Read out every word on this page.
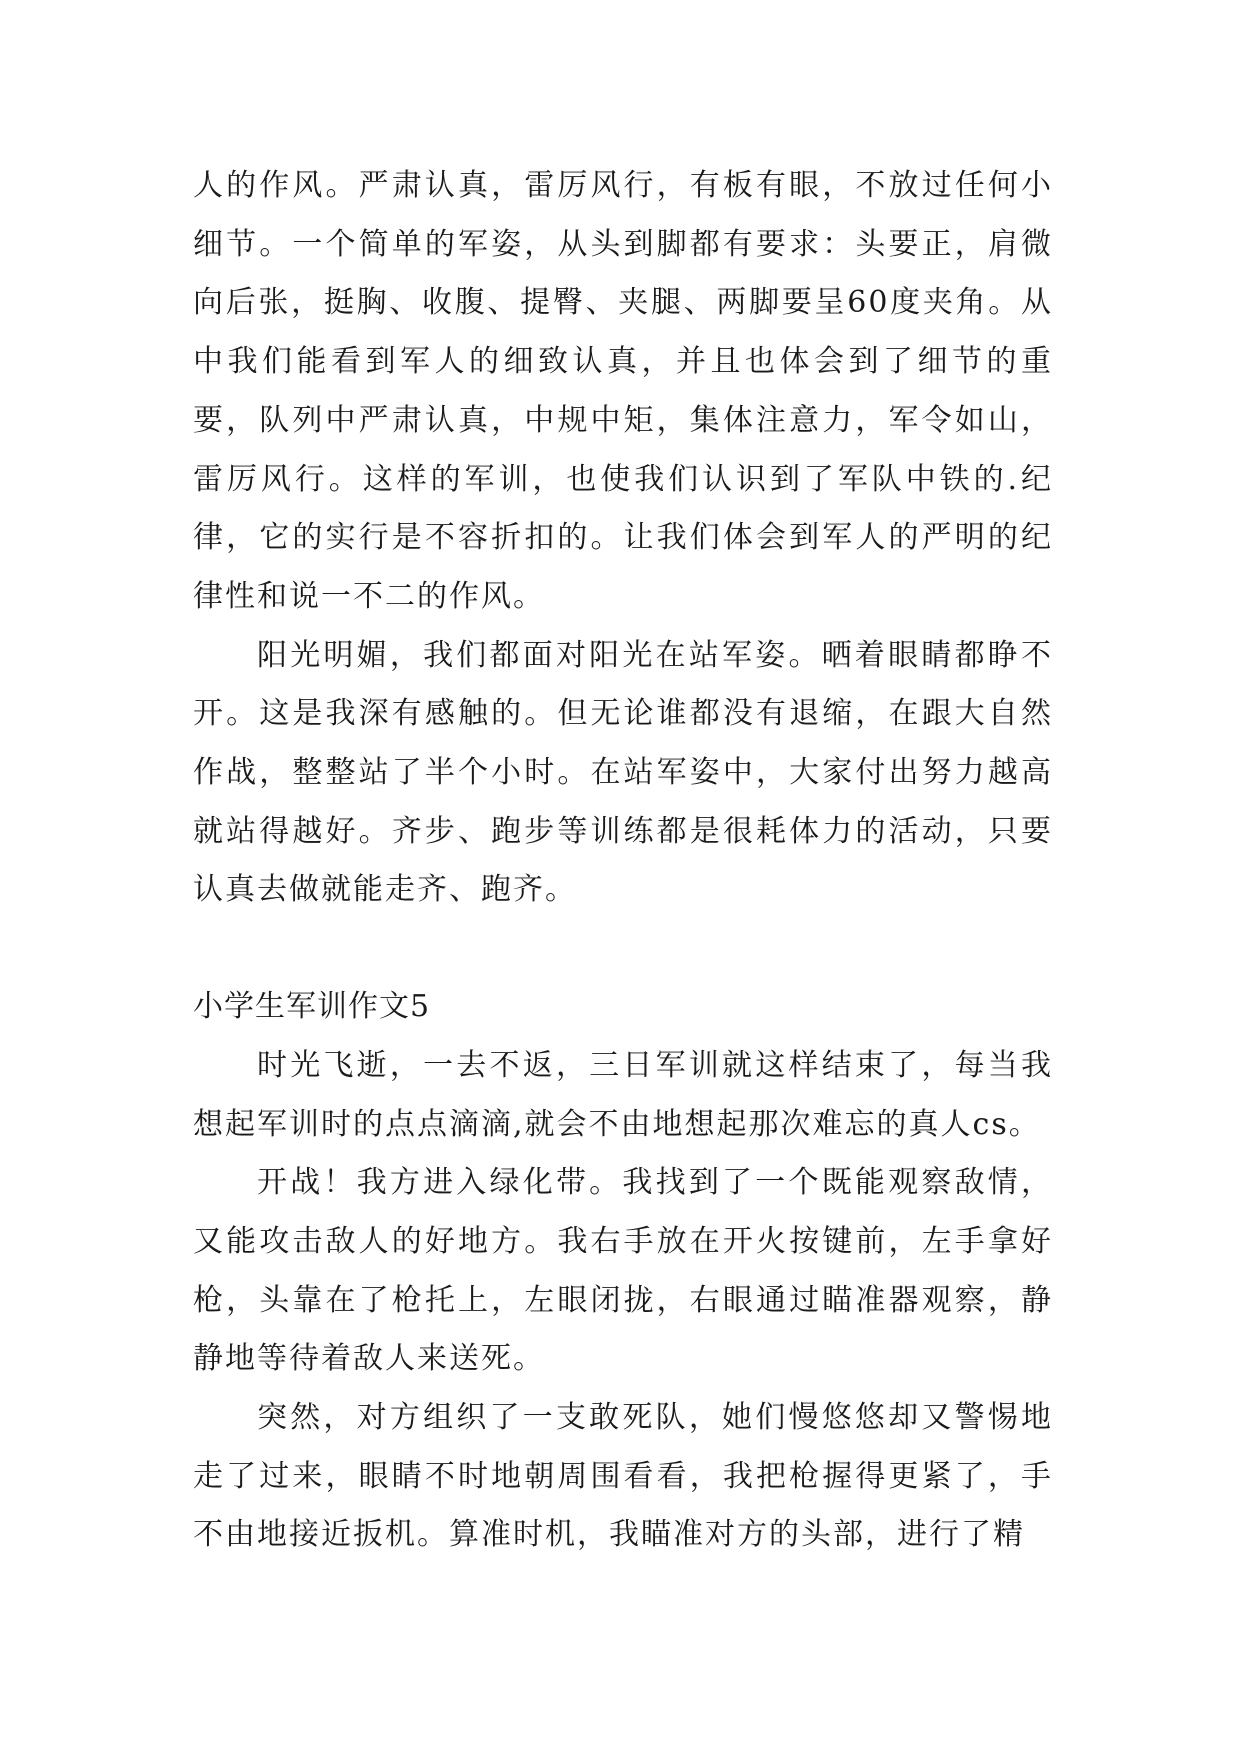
人的作风。严肃认真，雷厉风行，有板有眼，不放过任何小细节。一个简单的军姿，从头到脚都有要求：头要正，肩微向后张，挺胸、收腹、提臀、夹腿、两脚要呈60度夹角。从中我们能看到军人的细致认真，并且也体会到了细节的重要，队列中严肃认真，中规中矩，集体注意力，军令如山，雷厉风行。这样的军训，也使我们认识到了军队中铁的.纪律，它的实行是不容折扣的。让我们体会到军人的严明的纪律性和说一不二的作风。

阳光明媚，我们都面对阳光在站军姿。晒着眼睛都睁不开。这是我深有感触的。但无论谁都没有退缩，在跟大自然作战，整整站了半个小时。在站军姿中，大家付出努力越高就站得越好。齐步、跑步等训练都是很耗体力的活动，只要认真去做就能走齐、跑齐。

小学生军训作文5

时光飞逝，一去不返，三日军训就这样结束了，每当我想起军训时的点点滴滴,就会不由地想起那次难忘的真人cs。

开战！我方进入绿化带。我找到了一个既能观察敌情，又能攻击敌人的好地方。我右手放在开火按键前，左手拿好枪，头靠在了枪托上，左眼闭拢，右眼通过瞄准器观察，静静地等待着敌人来送死。

突然，对方组织了一支敢死队，她们慢悠悠却又警惕地走了过来，眼睛不时地朝周围看看，我把枪握得更紧了，手不由地接近扳机。算准时机，我瞄准对方的头部，进行了精
